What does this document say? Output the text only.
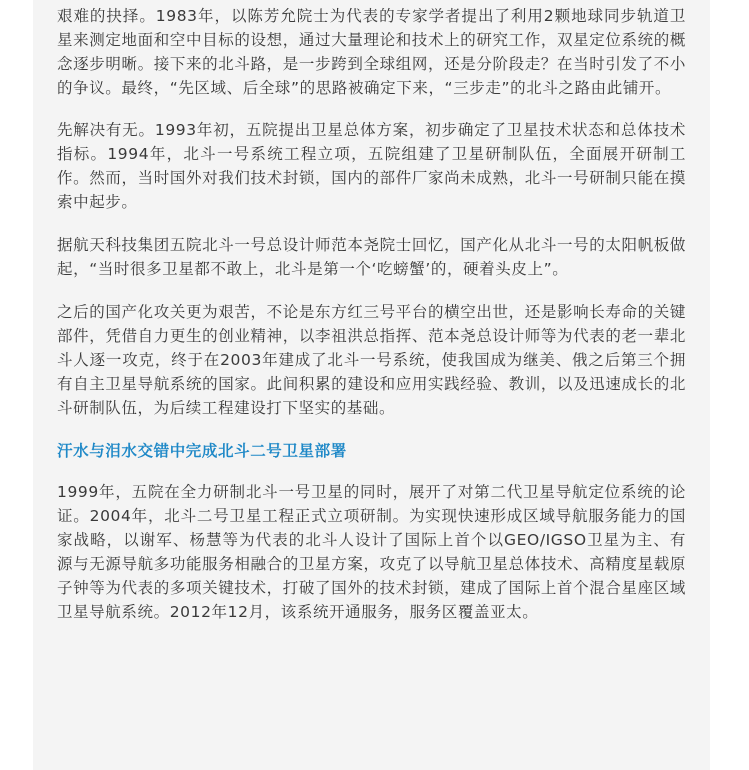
艰难的抉择。1983年，以陈芳允院士为代表的专家学者提出了利用2颗地球同步轨道卫星来测定地面和空中目标的设想，通过大量理论和技术上的研究工作，双星定位系统的概念逐步明晰。接下来的北斗路，是一步跨到全球组网，还是分阶段走？在当时引发了不小的争议。最终，“先区域、后全球”的思路被确定下来，“三步走”的北斗之路由此铺开。

先解决有无。1993年初，五院提出卫星总体方案，初步确定了卫星技术状态和总体技术指标。1994年，北斗一号系统工程立项，五院组建了卫星研制队伍，全面展开研制工作。然而，当时国外对我们技术封锁，国内的部件厂家尚未成熟，北斗一号研制只能在摸索中起步。

据航天科技集团五院北斗一号总设计师范本尧院士回忆，国产化从北斗一号的太阳帆板做起，“当时很多卫星都不敢上，北斗是第一个‘吃螃蟹’的，硬着头皮上”。

之后的国产化攻关更为艰苦，不论是东方红三号平台的横空出世，还是影响长寿命的关键部件，凭借自力更生的创业精神，以李祖洪总指挥、范本尧总设计师等为代表的老一辈北斗人逐一攻克，终于在2003年建成了北斗一号系统，使我国成为继美、俄之后第三个拥有自主卫星导航系统的国家。此间积累的建设和应用实践经验、教训，以及迅速成长的北斗研制队伍，为后续工程建设打下坚实的基础。

汗水与泪水交错中完成北斗二号卫星部署

1999年，五院在全力研制北斗一号卫星的同时，展开了对第二代卫星导航定位系统的论证。2004年，北斗二号卫星工程正式立项研制。为实现快速形成区域导航服务能力的国家战略，以谢军、杨慧等为代表的北斗人设计了国际上首个以GEO/IGSO卫星为主、有源与无源导航多功能服务相融合的卫星方案，攻克了以导航卫星总体技术、高精度星载原子钟等为代表的多项关键技术，打破了国外的技术封锁，建成了国际上首个混合星座区域卫星导航系统。2012年12月，该系统开通服务，服务区覆盖亚太。
